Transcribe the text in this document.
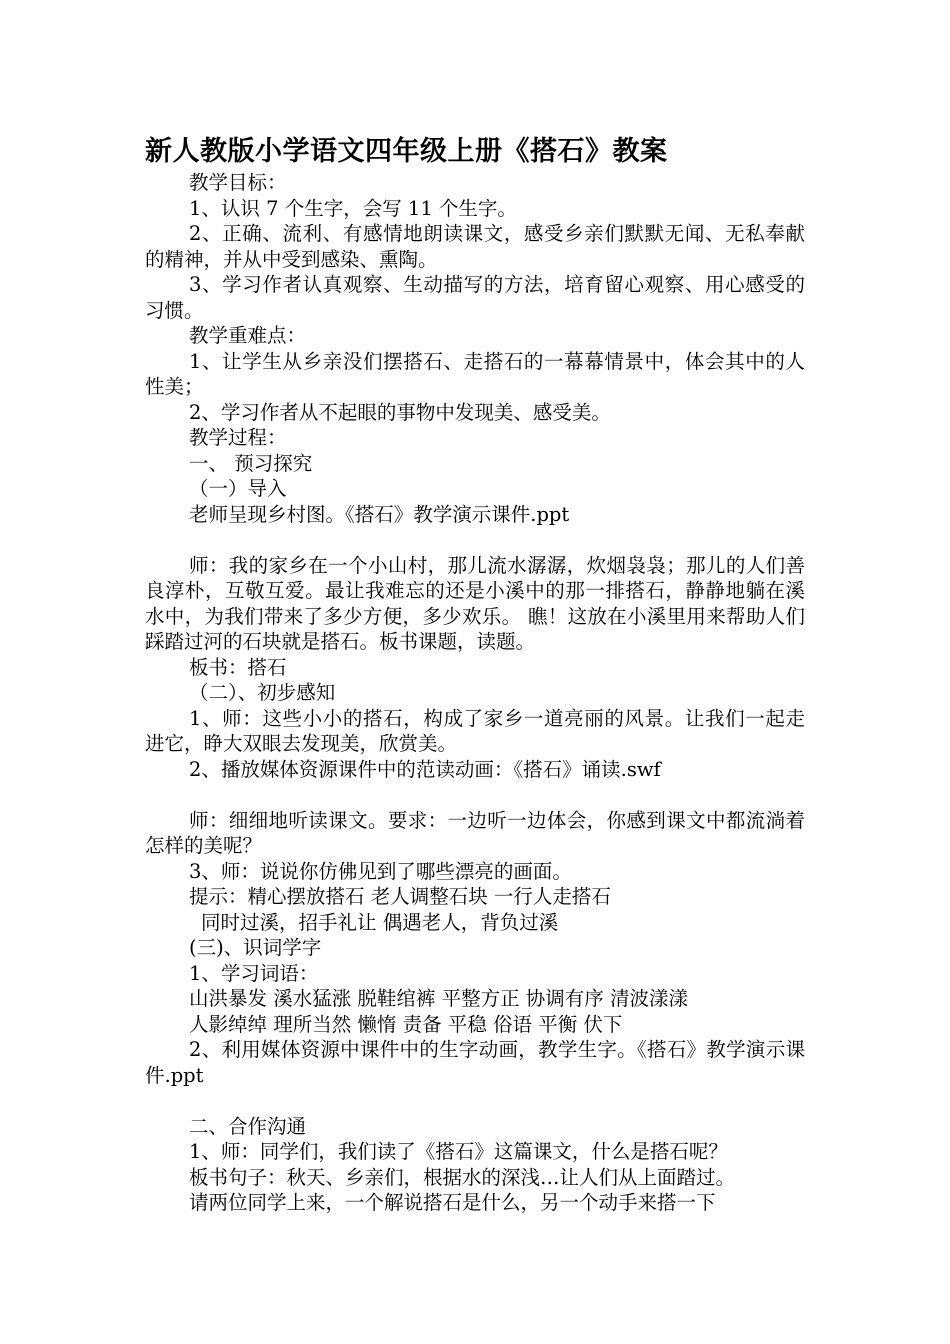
新人教版小学语文四年级上册《搭石》教案

教学目标：

1、认识 7 个生字，会写 11 个生字。

2、正确、流利、有感情地朗读课文，感受乡亲们默默无闻、无私奉献的精神，并从中受到感染、熏陶。

3、学习作者认真观察、生动描写的方法，培育留心观察、用心感受的习惯。

教学重难点：

1、让学生从乡亲没们摆搭石、走搭石的一幕幕情景中，体会其中的人性美；

2、学习作者从不起眼的事物中发现美、感受美。

教学过程：

一、 预习探究

（一）导入

老师呈现乡村图。《搭石》教学演示课件.ppt

师：我的家乡在一个小山村，那儿流水潺潺，炊烟袅袅；那儿的人们善良淳朴，互敬互爱。最让我难忘的还是小溪中的那一排搭石，静静地躺在溪水中，为我们带来了多少方便，多少欢乐。 瞧！这放在小溪里用来帮助人们踩踏过河的石块就是搭石。板书课题，读题。

板书：搭石

（二）、初步感知

1、师：这些小小的搭石，构成了家乡一道亮丽的风景。让我们一起走进它，睁大双眼去发现美，欣赏美。

2、播放媒体资源课件中的范读动画：《搭石》诵读.swf

师：细细地听读课文。要求：一边听一边体会，你感到课文中都流淌着怎样的美呢？

3、师：说说你仿佛见到了哪些漂亮的画面。

提示：精心摆放搭石 老人调整石块 一行人走搭石

同时过溪，招手礼让 偶遇老人，背负过溪

(三)、识词学字

1、学习词语：

山洪暴发 溪水猛涨 脱鞋绾裤 平整方正 协调有序 清波漾漾

人影绰绰 理所当然 懒惰 责备 平稳 俗语 平衡 伏下

2、利用媒体资源中课件中的生字动画，教学生字。《搭石》教学演示课件.ppt

二、合作沟通

1、师：同学们，我们读了《搭石》这篇课文，什么是搭石呢？

板书句子：秋天、乡亲们，根据水的深浅…让人们从上面踏过。

请两位同学上来，一个解说搭石是什么，另一个动手来搭一下
